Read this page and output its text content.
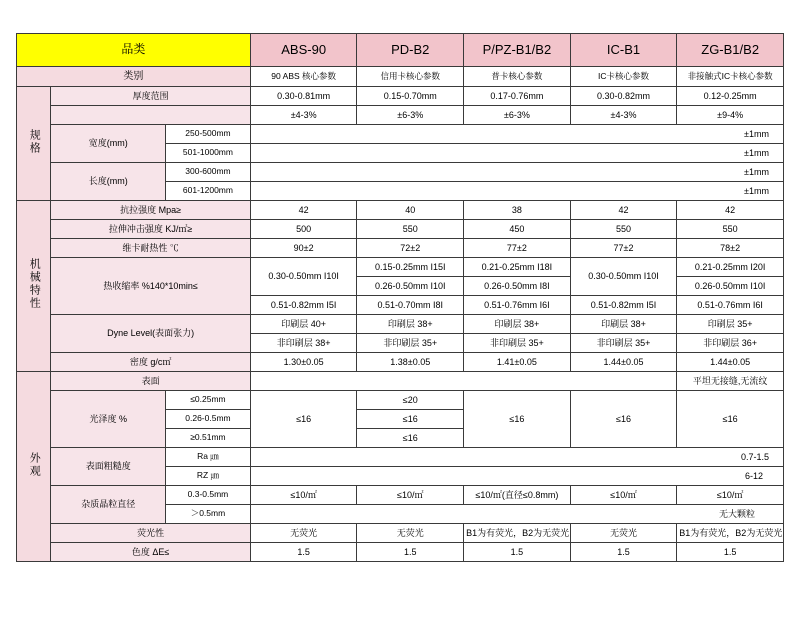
品类			ABS-90	PD-B2	P/PZ-B1/B2	IC-B1	ZG-B1/B2
类别			90 ABS 核心参数	信用卡核心参数	普卡核心参数	IC卡核心参数	非接触式IC卡核心参数
规格	厚度范围		0.30-0.81mm	0.15-0.70mm	0.17-0.76mm	0.30-0.82mm	0.12-0.25mm
			±4-3%	±6-3%	±6-3%	±4-3%	±9-4%
	宽度(mm)	250-500mm	±1mm				
		501-1000mm	±1mm				
	长度(mm)	300-600mm	±1mm				
		601-1200mm	±1mm				
机械特性	抗拉强度 Mpa≥		42	40	38	42	42
	拉伸冲击强度 KJ/㎡≥		500	550	450	550	550
	维卡耐热性 ℃		90±2	72±2	77±2	77±2	78±2
	热收缩率 %140*10min≤		0.30-0.50mm I10I	0.15-0.25mm I15I	0.21-0.25mm I18I	0.30-0.50mm I10I	0.21-0.25mm I20I
				0.26-0.50mm I10I	0.26-0.50mm I8I		0.26-0.50mm I10I
			0.51-0.82mm I5I	0.51-0.70mm I8I	0.51-0.76mm I6I	0.51-0.82mm I5I	0.51-0.76mm I6I
	Dyne Level(表面张力)		印刷层 40+	印刷层 38+	印刷层 38+	印刷层 38+	印刷层 35+
			非印刷层 38+	非印刷层 35+	非印刷层 35+	非印刷层 35+	非印刷层 36+
	密度 g/c㎡		1.30±0.05	1.38±0.05	1.41±0.05	1.44±0.05	1.44±0.05
外观	表面						平坦无接缝,无流纹
	光泽度 %	≤0.25mm	≤16	≤20	≤16	≤16	≤16
		0.26-0.5mm		≤16			
		≥0.51mm		≤16			
	表面粗糙度	Ra ㎛	0.7-1.5				
		RZ ㎛	6-12				
	杂质晶粒直径	0.3-0.5mm	≤10/㎡	≤10/㎡	≤10/㎡(直径≤0.8mm)	≤10/㎡	≤10/㎡
		＞0.5mm	无大颗粒				
	荧光性		无荧光	无荧光	B1为有荧光，B2为无荧光	无荧光	B1为有荧光，B2为无荧光
	色度 ΔE≤		1.5	1.5	1.5	1.5	1.5
